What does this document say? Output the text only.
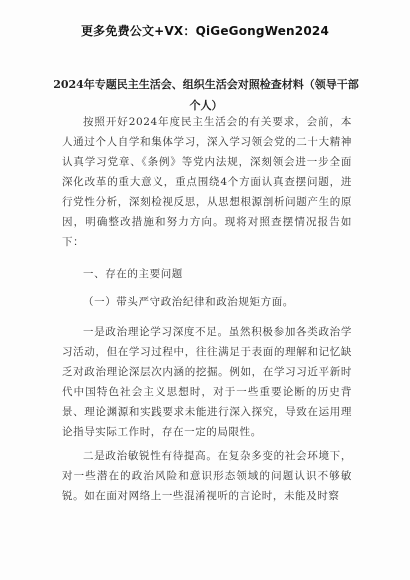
更多免费公文+VX：QiGeGongWen2024
2024年专题民主生活会、组织生活会对照检查材料（领导干部个人）

按照开好2024年度民主生活会的有关要求，会前，本人通过个人自学和集体学习，深入学习领会党的二十大精神认真学习党章、《条例》等党内法规，深刻领会进一步全面深化改革的重大意义，重点围绕4个方面认真查摆问题，进行党性分析，深刻检视反思，从思想根源剖析问题产生的原因，明确整改措施和努力方向。现将对照查摆情况报告如下：

一、存在的主要问题

（一）带头严守政治纪律和政治规矩方面。

一是政治理论学习深度不足。虽然积极参加各类政治学习活动，但在学习过程中，往往满足于表面的理解和记忆缺乏对政治理论深层次内涵的挖掘。例如，在学习习近平新时代中国特色社会主义思想时，对于一些重要论断的历史背景、理论渊源和实践要求未能进行深入探究，导致在运用理论指导实际工作时，存在一定的局限性。

二是政治敏锐性有待提高。在复杂多变的社会环境下，对一些潜在的政治风险和意识形态领域的问题认识不够敏锐。如在面对网络上一些混淆视听的言论时，未能及时察
